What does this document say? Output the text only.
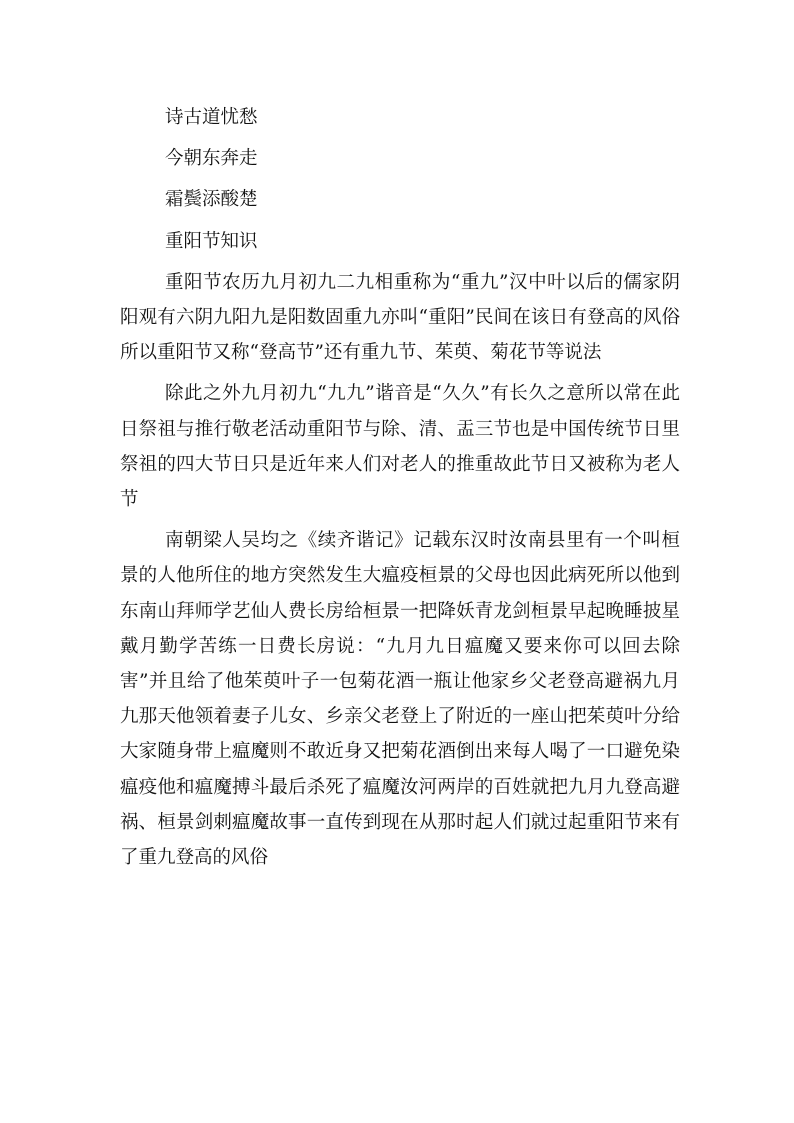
诗古道忧愁
今朝东奔走
霜鬓添酸楚
重阳节知识

重阳节农历九月初九二九相重称为“重九”汉中叶以后的儒家阴阳观有六阴九阳九是阳数固重九亦叫“重阳”民间在该日有登高的风俗所以重阳节又称“登高节”还有重九节、茱萸、菊花节等说法

除此之外九月初九“九九”谐音是“久久”有长久之意所以常在此日祭祖与推行敬老活动重阳节与除、清、盂三节也是中国传统节日里祭祖的四大节日只是近年来人们对老人的推重故此节日又被称为老人节

南朝梁人吴均之《续齐谐记》记载东汉时汝南县里有一个叫桓景的人他所住的地方突然发生大瘟疫桓景的父母也因此病死所以他到东南山拜师学艺仙人费长房给桓景一把降妖青龙剑桓景早起晚睡披星戴月勤学苦练一日费长房说：“九月九日瘟魔又要来你可以回去除害”并且给了他茱萸叶子一包菊花酒一瓶让他家乡父老登高避祸九月九那天他领着妻子儿女、乡亲父老登上了附近的一座山把茱萸叶分给大家随身带上瘟魔则不敢近身又把菊花酒倒出来每人喝了一口避免染瘟疫他和瘟魔搏斗最后杀死了瘟魔汝河两岸的百姓就把九月九登高避祸、桓景剑刺瘟魔故事一直传到现在从那时起人们就过起重阳节来有了重九登高的风俗
